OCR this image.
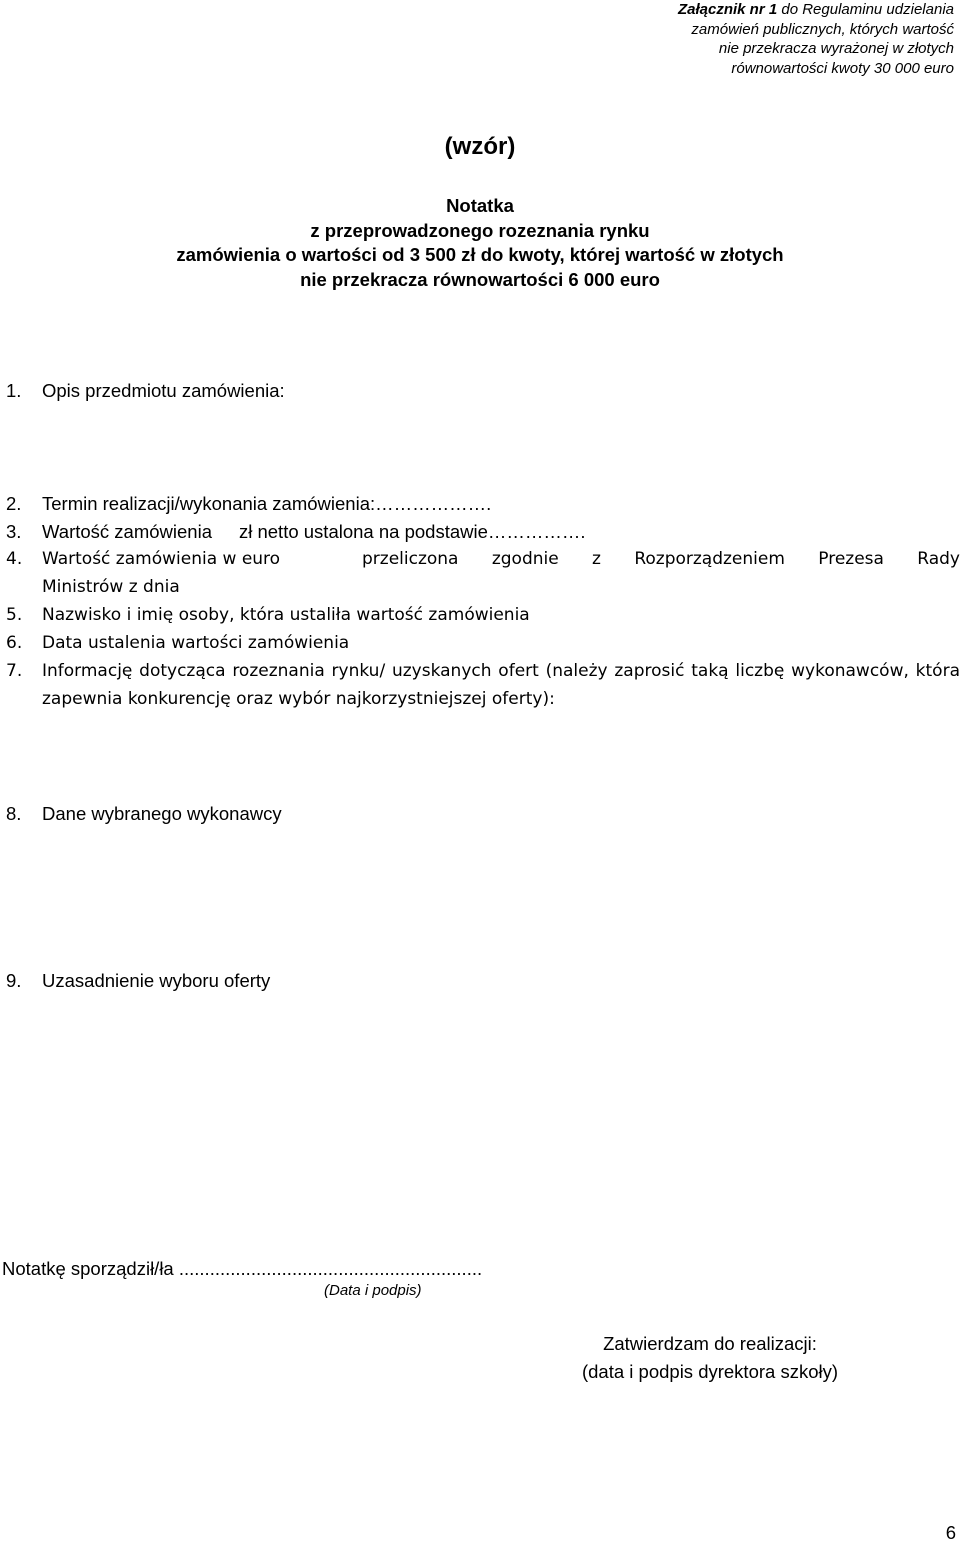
Załącznik nr 1 do Regulaminu udzielania
zamówień publicznych, których wartość
nie przekracza wyrażonej w złotych
równowartości kwoty 30 000 euro
(wzór)
Notatka
z przeprowadzonego rozeznania rynku
zamówienia o wartości od 3 500 zł do kwoty, której wartość w złotych
nie przekracza równowartości 6 000 euro
1. Opis przedmiotu zamówienia:
2. Termin realizacji/wykonania zamówienia:……………….
3. Wartość zamówienia zł netto ustalona na podstawie…………….
4. Wartość zamówienia w euro	przeliczona    zgodnie    z    Rozporządzeniem    Prezesa    Rady
Ministrów z dnia
5. Nazwisko i imię osoby, która ustaliła wartość zamówienia
6. Data ustalenia wartości zamówienia
7. Informację dotycząca rozeznania rynku/ uzyskanych ofert (należy zaprosić taką liczbę wykonawców, która zapewnia konkurencję oraz wybór najkorzystniejszej oferty):
8. Dane wybranego wykonawcy
9. Uzasadnienie wyboru oferty
Notatkę sporządził/ła ...........................................................
(Data i podpis)
Zatwierdzam do realizacji:
(data i podpis dyrektora szkoły)
6
